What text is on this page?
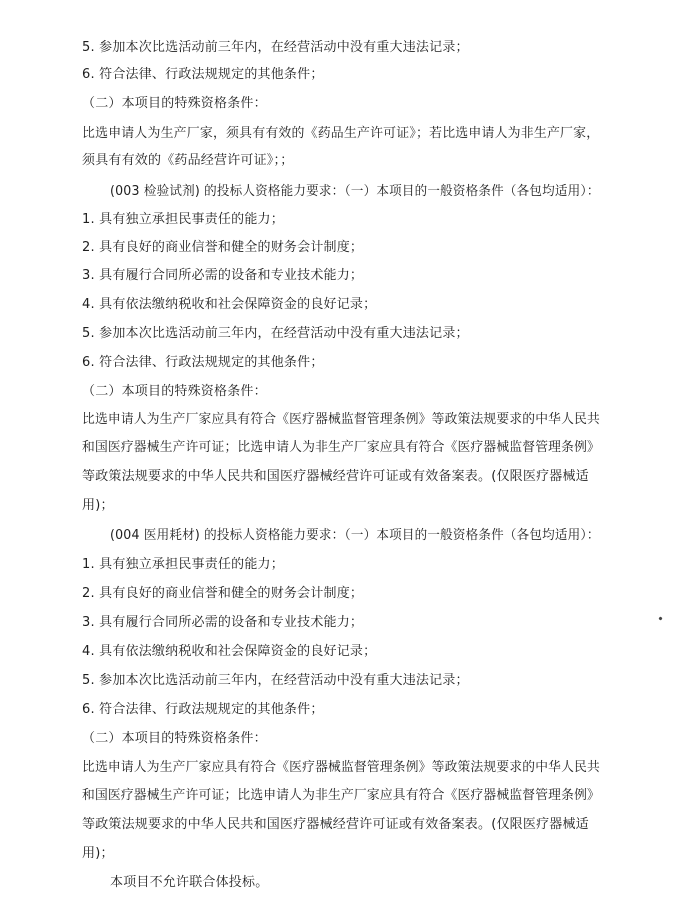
5. 参加本次比选活动前三年内，在经营活动中没有重大违法记录；
6. 符合法律、行政法规规定的其他条件；
（二）本项目的特殊资格条件：
比选申请人为生产厂家，须具有有效的《药品生产许可证》；若比选申请人为非生产厂家，
须具有有效的《药品经营许可证》；；
(003 检验试剂) 的投标人资格能力要求：（一）本项目的一般资格条件（各包均适用）：
1. 具有独立承担民事责任的能力；
2. 具有良好的商业信誉和健全的财务会计制度；
3. 具有履行合同所必需的设备和专业技术能力；
4. 具有依法缴纳税收和社会保障资金的良好记录；
5. 参加本次比选活动前三年内，在经营活动中没有重大违法记录；
6. 符合法律、行政法规规定的其他条件；
（二）本项目的特殊资格条件：
比选申请人为生产厂家应具有符合《医疗器械监督管理条例》等政策法规要求的中华人民共
和国医疗器械生产许可证；比选申请人为非生产厂家应具有符合《医疗器械监督管理条例》
等政策法规要求的中华人民共和国医疗器械经营许可证或有效备案表。(仅限医疗器械适
用)；
(004 医用耗材) 的投标人资格能力要求：（一）本项目的一般资格条件（各包均适用）：
1. 具有独立承担民事责任的能力；
2. 具有良好的商业信誉和健全的财务会计制度；
3. 具有履行合同所必需的设备和专业技术能力；
4. 具有依法缴纳税收和社会保障资金的良好记录；
5. 参加本次比选活动前三年内，在经营活动中没有重大违法记录；
6. 符合法律、行政法规规定的其他条件；
（二）本项目的特殊资格条件：
比选申请人为生产厂家应具有符合《医疗器械监督管理条例》等政策法规要求的中华人民共
和国医疗器械生产许可证；比选申请人为非生产厂家应具有符合《医疗器械监督管理条例》
等政策法规要求的中华人民共和国医疗器械经营许可证或有效备案表。(仅限医疗器械适
用)；
本项目不允许联合体投标。
